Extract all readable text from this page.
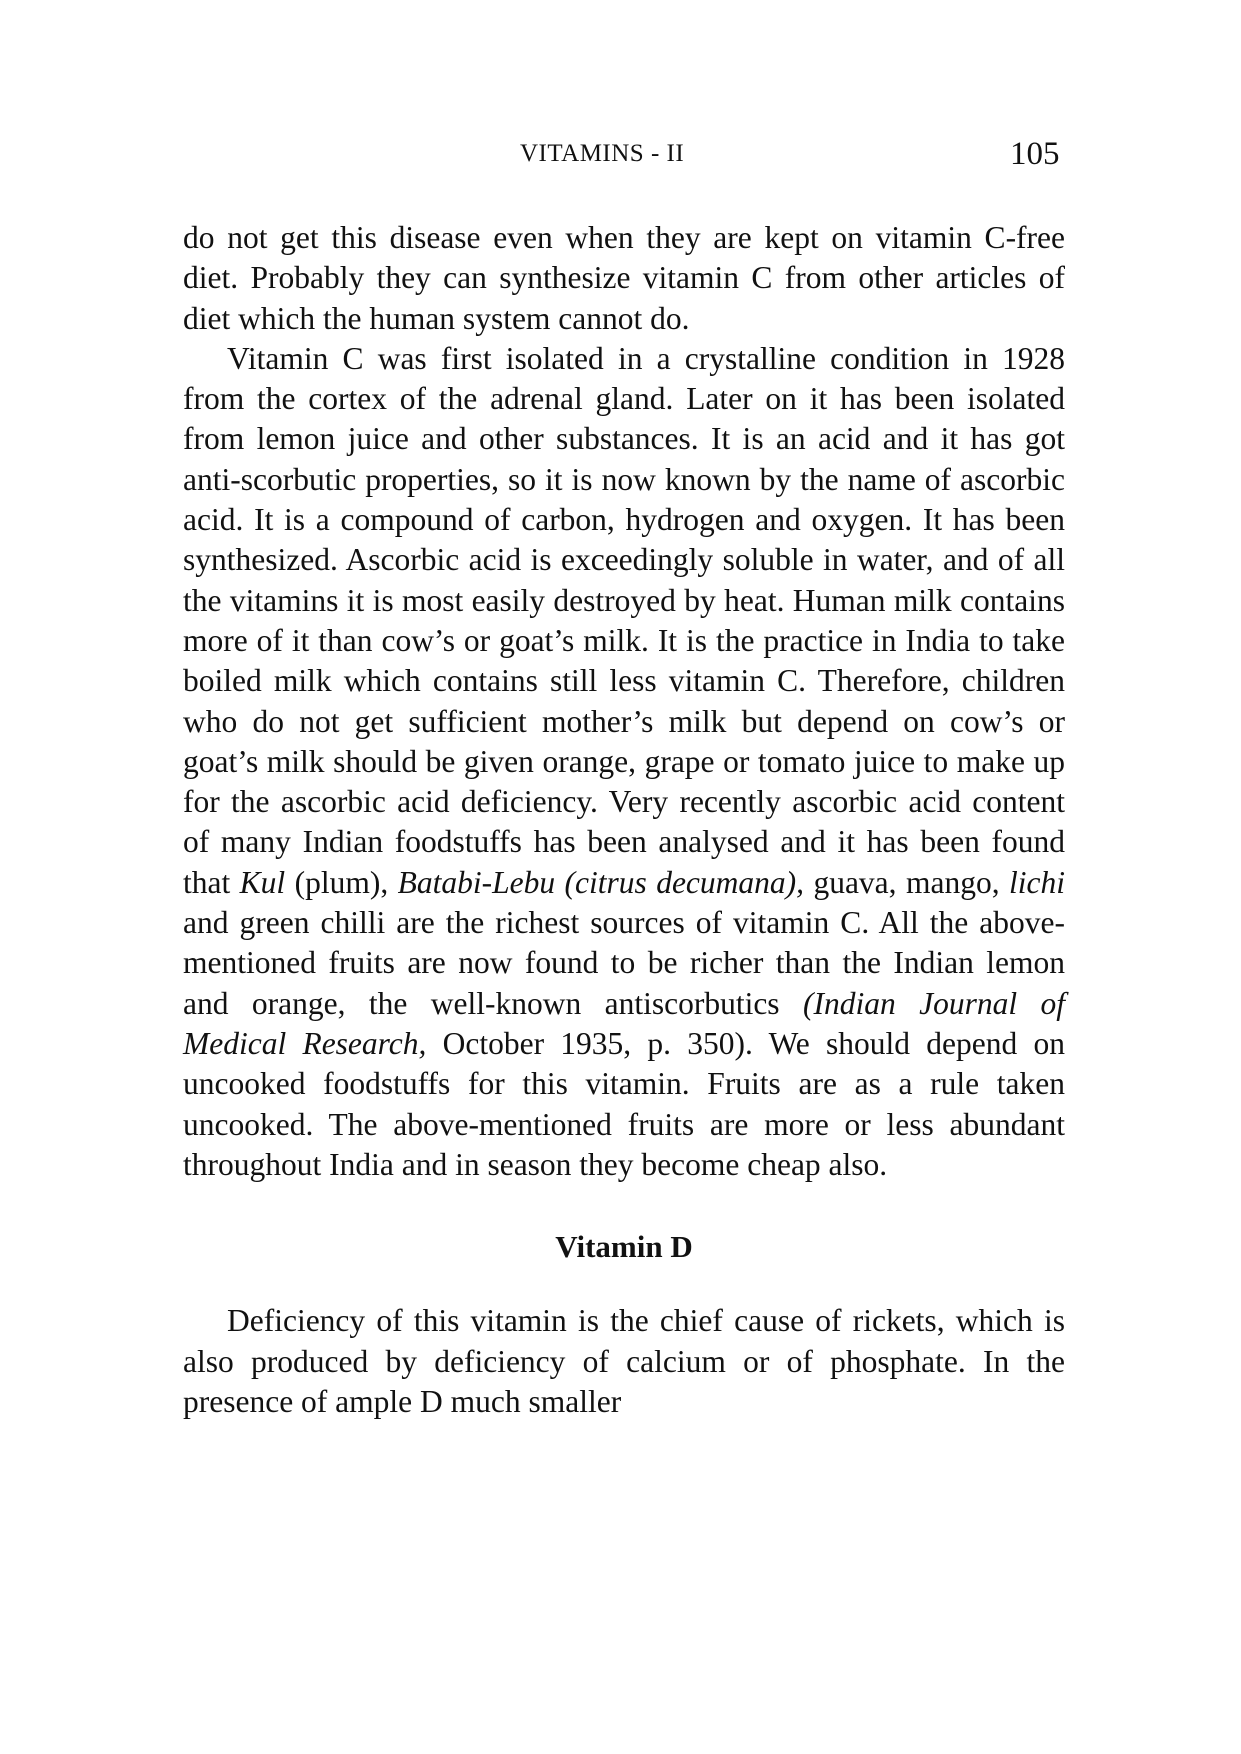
VITAMINS - II	105

do not get this disease even when they are kept on vitamin C-free diet. Probably they can synthesize vitamin C from other articles of diet which the human system cannot do.

Vitamin C was first isolated in a crystalline condition in 1928 from the cortex of the adrenal gland. Later on it has been isolated from lemon juice and other substances. It is an acid and it has got anti-scorbutic properties, so it is now known by the name of ascorbic acid. It is a compound of carbon, hydrogen and oxygen. It has been synthesized. Ascorbic acid is exceedingly soluble in water, and of all the vitamins it is most easily destroyed by heat. Human milk contains more of it than cow’s or goat’s milk. It is the practice in India to take boiled milk which contains still less vitamin C. Therefore, children who do not get sufficient mother’s milk but depend on cow’s or goat’s milk should be given orange, grape or tomato juice to make up for the ascorbic acid deficiency. Very recently ascorbic acid content of many Indian foodstuffs has been analysed and it has been found that Kul (plum), Batabi-Lebu (citrus decumana), guava, mango, lichi and green chilli are the richest sources of vitamin C. All the above-mentioned fruits are now found to be richer than the Indian lemon and orange, the well-known antiscorbutics (Indian Journal of Medical Research, October 1935, p. 350). We should depend on uncooked foodstuffs for this vitamin. Fruits are as a rule taken uncooked. The above-mentioned fruits are more or less abundant throughout India and in season they become cheap also.

Vitamin D

Deficiency of this vitamin is the chief cause of rickets, which is also produced by deficiency of calcium or of phosphate. In the presence of ample D much smaller
